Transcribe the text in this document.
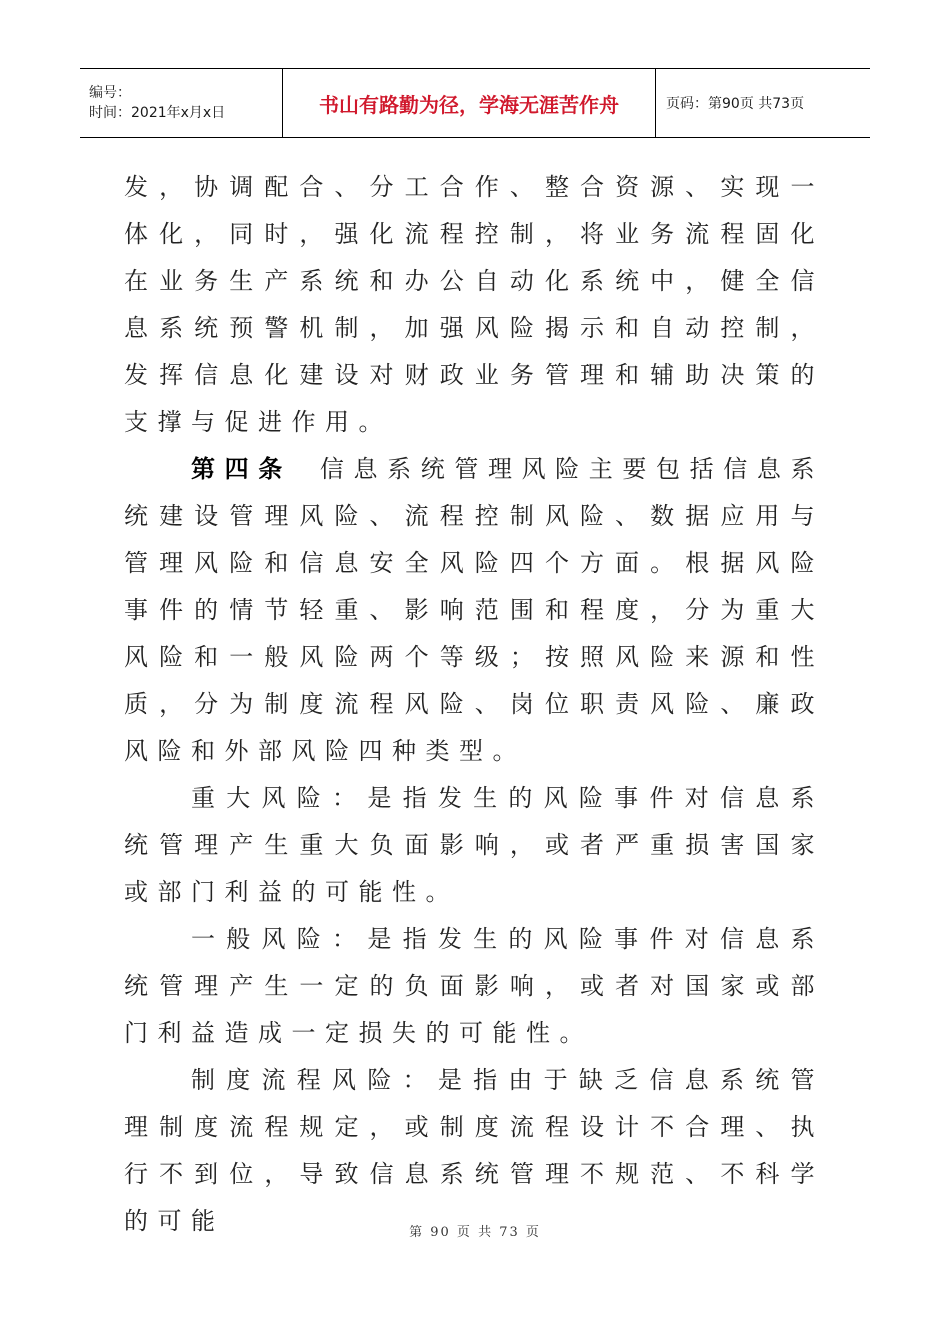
编号：
时间：2021年x月x日	书山有路勤为径，学海无涯苦作舟	页码：第90页 共73页

发，协调配合、分工合作、整合资源、实现一体化，同时，强化流程控制，将业务流程固化在业务生产系统和办公自动化系统中，健全信息系统预警机制，加强风险揭示和自动控制，发挥信息化建设对财政业务管理和辅助决策的支撑与促进作用。

第四条 信息系统管理风险主要包括信息系统建设管理风险、流程控制风险、数据应用与管理风险和信息安全风险四个方面。根据风险事件的情节轻重、影响范围和程度，分为重大风险和一般风险两个等级；按照风险来源和性质，分为制度流程风险、岗位职责风险、廉政风险和外部风险四种类型。

重大风险：是指发生的风险事件对信息系统管理产生重大负面影响，或者严重损害国家或部门利益的可能性。

一般风险：是指发生的风险事件对信息系统管理产生一定的负面影响，或者对国家或部门利益造成一定损失的可能性。

制度流程风险：是指由于缺乏信息系统管理制度流程规定，或制度流程设计不合理、执行不到位，导致信息系统管理不规范、不科学的可能	第 90 页 共 73 页
